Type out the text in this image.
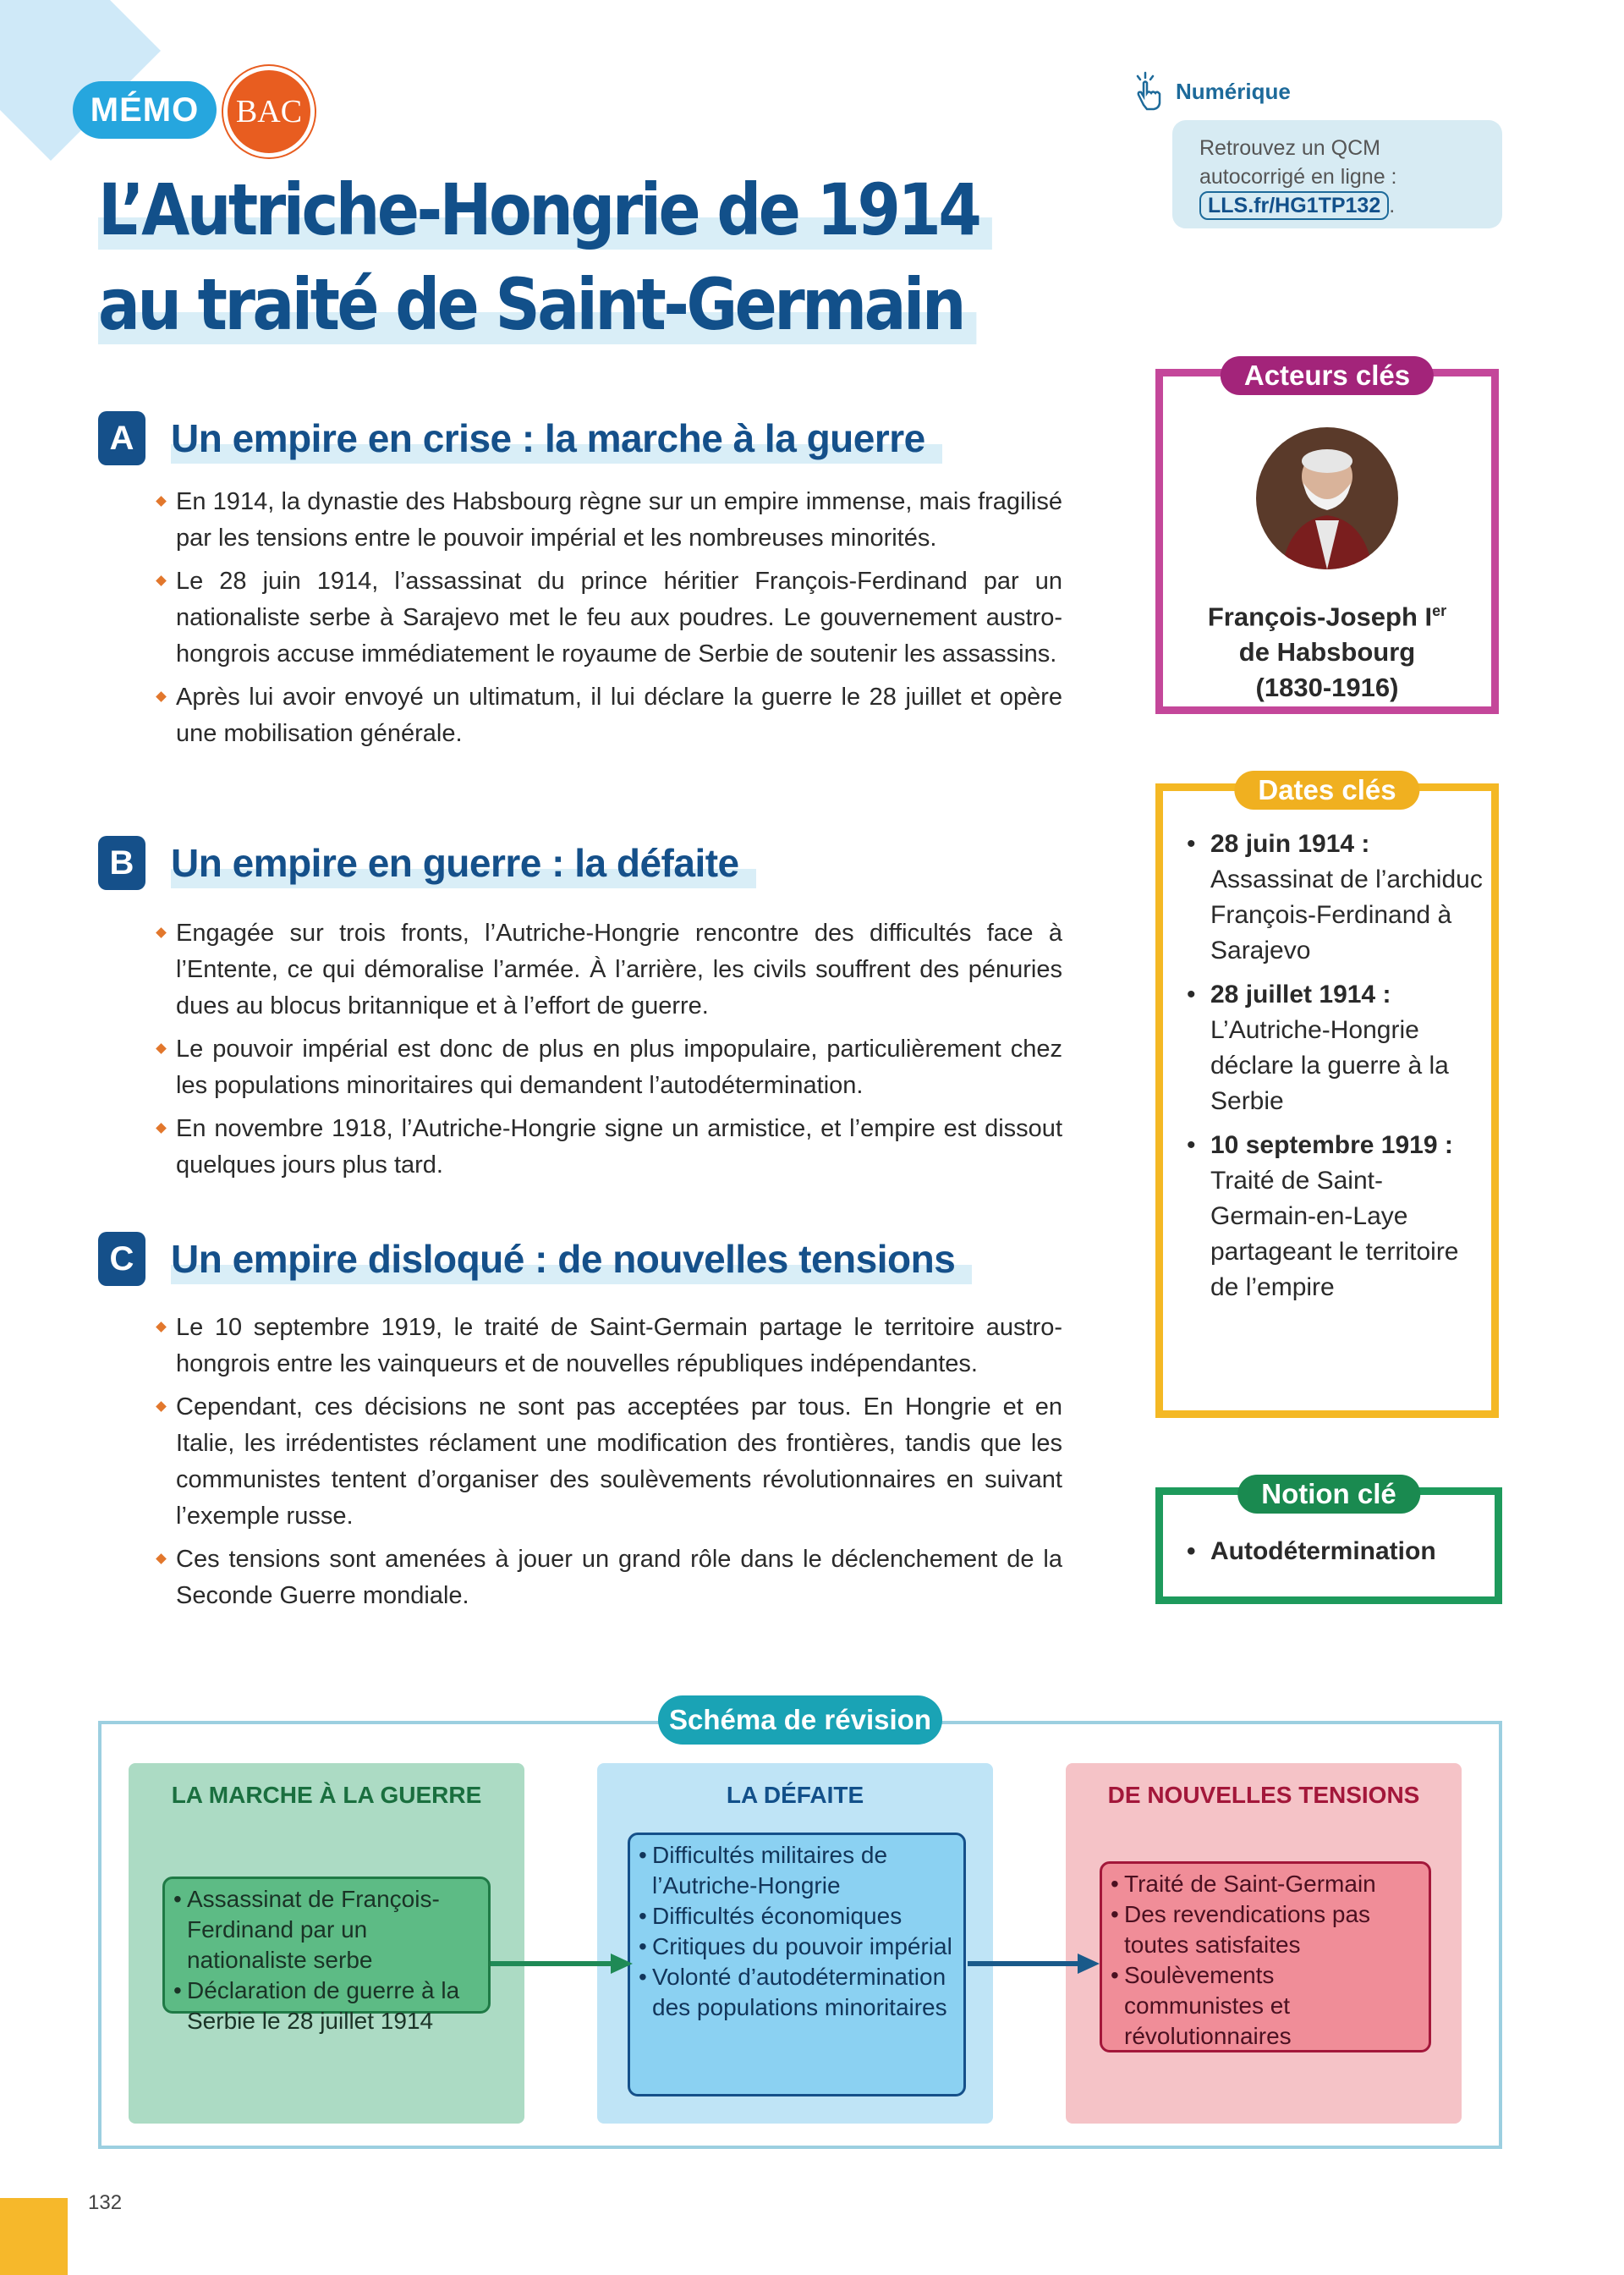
MÉMO	BAC
L’Autriche-Hongrie de 1914
au traité de Saint-Germain
Numérique
Retrouvez un QCM
autocorrigé en ligne :
LLS.fr/HG1TP132 .
A Un empire en crise : la marche à la guerre
En 1914, la dynastie des Habsbourg règne sur un empire immense, mais fragilisé par les tensions entre le pouvoir impérial et les nombreuses minorités.
Le 28 juin 1914, l’assassinat du prince héritier François-Ferdinand par un nationaliste serbe à Sarajevo met le feu aux poudres. Le gouvernement austro-hongrois accuse immédiatement le royaume de Serbie de soutenir les assassins.
Après lui avoir envoyé un ultimatum, il lui déclare la guerre le 28 juillet et opère une mobilisation générale.
B Un empire en guerre : la défaite
Engagée sur trois fronts, l’Autriche-Hongrie rencontre des difficultés face à l’Entente, ce qui démoralise l’armée. À l’arrière, les civils souffrent des pénuries dues au blocus britannique et à l’effort de guerre.
Le pouvoir impérial est donc de plus en plus impopulaire, particulièrement chez les populations minoritaires qui demandent l’autodétermination.
En novembre 1918, l’Autriche-Hongrie signe un armistice, et l’empire est dissout quelques jours plus tard.
C Un empire disloqué : de nouvelles tensions
Le 10 septembre 1919, le traité de Saint-Germain partage le territoire austro-hongrois entre les vainqueurs et de nouvelles républiques indépendantes.
Cependant, ces décisions ne sont pas acceptées par tous. En Hongrie et en Italie, les irrédentistes réclament une modification des frontières, tandis que les communistes tentent d’organiser des soulèvements révolutionnaires en suivant l’exemple russe.
Ces tensions sont amenées à jouer un grand rôle dans le déclenchement de la Seconde Guerre mondiale.
Acteurs clés
François-Joseph Ier
de Habsbourg
(1830-1916)
Dates clés
• 28 juin 1914 :
Assassinat de l’archiduc François-Ferdinand à Sarajevo
• 28 juillet 1914 :
L’Autriche-Hongrie déclare la guerre à la Serbie
• 10 septembre 1919 : Traité de Saint-Germain-en-Laye partageant le territoire de l’empire
Notion clé
• Autodétermination
Schéma de révision
LA MARCHE À LA GUERRE
• Assassinat de François-Ferdinand par un nationaliste serbe
• Déclaration de guerre à la Serbie le 28 juillet 1914
LA DÉFAITE
• Difficultés militaires de l’Autriche-Hongrie
• Difficultés économiques
• Critiques du pouvoir impérial
• Volonté d’autodétermination des populations minoritaires
DE NOUVELLES TENSIONS
• Traité de Saint-Germain
• Des revendications pas toutes satisfaites
• Soulèvements communistes et révolutionnaires
132
